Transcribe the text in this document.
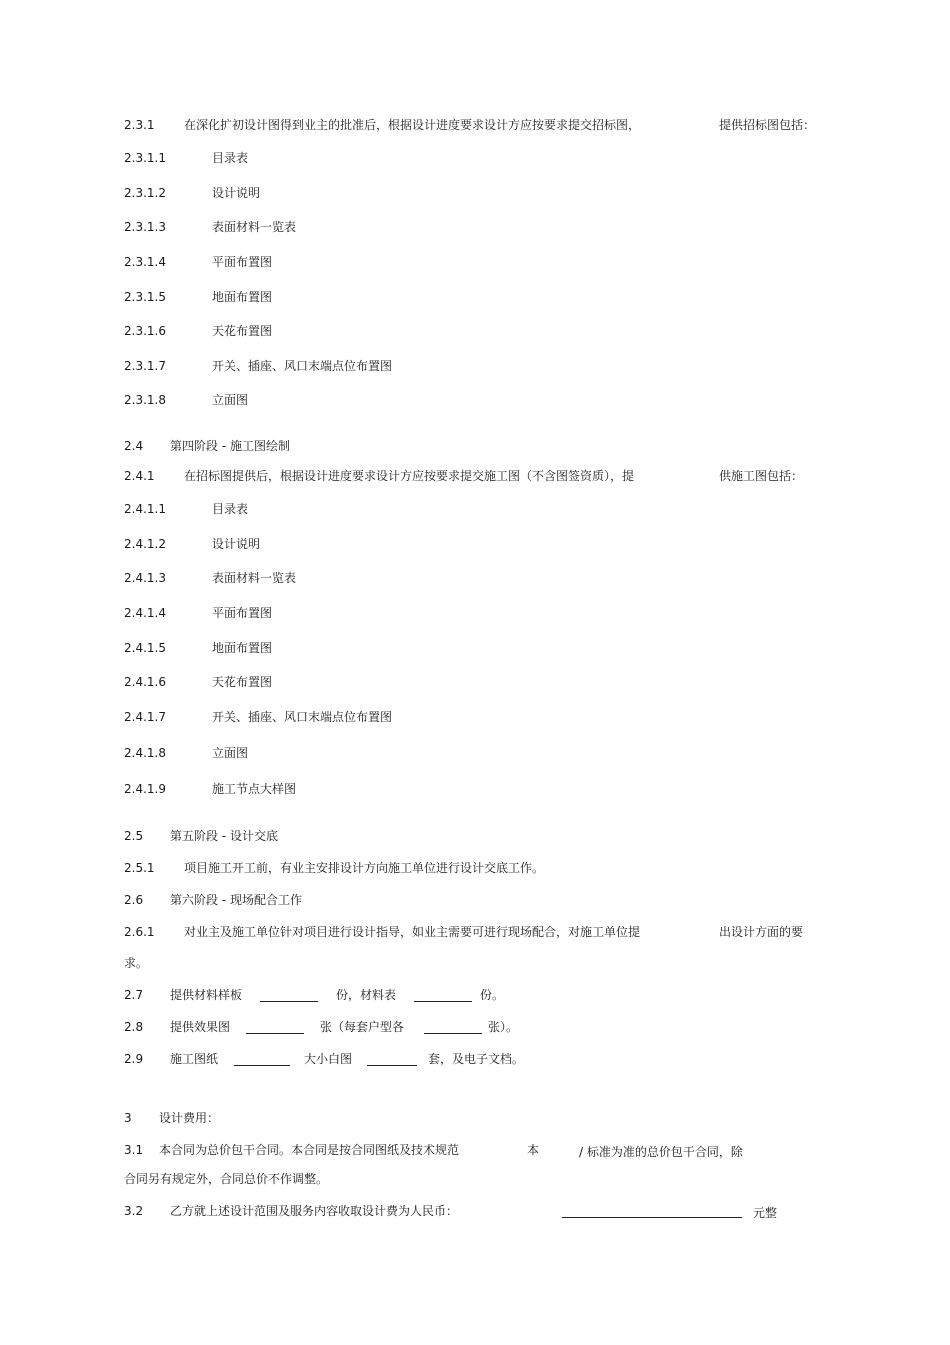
2.3.1 在深化扩初设计图得到业主的批准后，根据设计进度要求设计方应按要求提交招标图，	提供招标图包括：
2.3.1.1	目录表
2.3.1.2	设计说明
2.3.1.3	表面材料一览表
2.3.1.4	平面布置图
2.3.1.5	地面布置图
2.3.1.6	天花布置图
2.3.1.7	开关、插座、风口末端点位布置图
2.3.1.8	立面图
2.4 第四阶段 - 施工图绘制
2.4.1 在招标图提供后，根据设计进度要求设计方应按要求提交施工图（不含图签资质），提	供施工图包括：
2.4.1.1	目录表
2.4.1.2	设计说明
2.4.1.3	表面材料一览表
2.4.1.4	平面布置图
2.4.1.5	地面布置图
2.4.1.6	天花布置图
2.4.1.7	开关、插座、风口末端点位布置图
2.4.1.8	立面图
2.4.1.9	施工节点大样图
2.5 第五阶段 - 设计交底
2.5.1 项目施工开工前，有业主安排设计方向施工单位进行设计交底工作。
2.6 第六阶段 - 现场配合工作
2.6.1 对业主及施工单位针对项目进行设计指导，如业主需要可进行现场配合，对施工单位提	出设计方面的要
求。
2.7 提供材料样板	份，材料表	份。
2.8 提供效果图	张（每套户型各	张）。
2.9 施工图纸	大小白图	套，及电子文档。
3 设计费用：
3.1 本合同为总价包干合同。本合同是按合同图纸及技术规范	本	/ 标准为准的总价包干合同，除
合同另有规定外，合同总价不作调整。
3.2 乙方就上述设计范围及服务内容收取设计费为人民币：	元整
